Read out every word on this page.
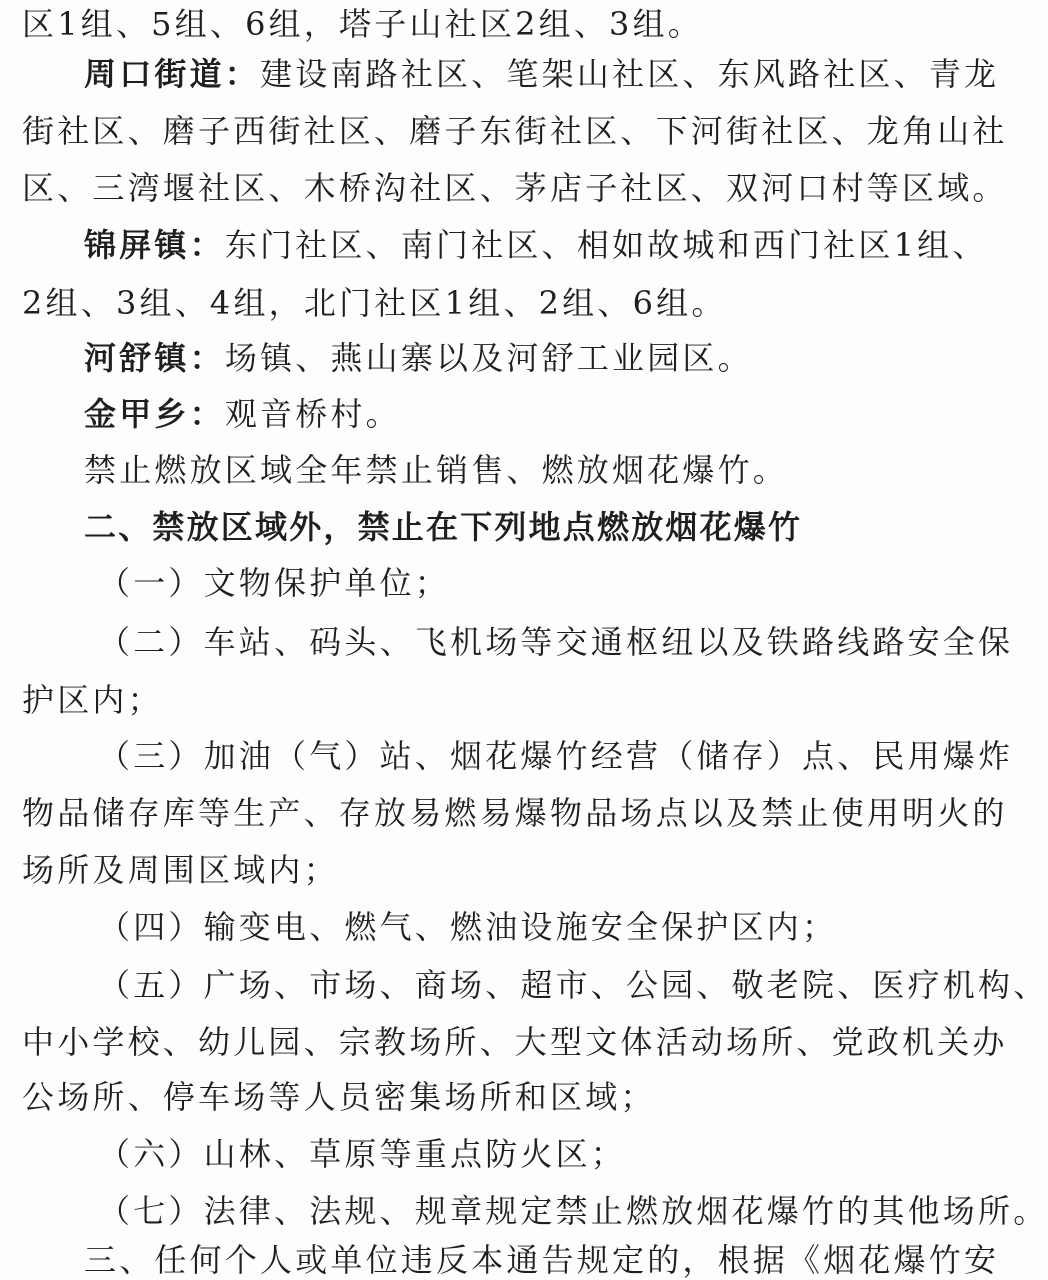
区1组、5组、6组，塔子山社区2组、3组。
周口街道：建设南路社区、笔架山社区、东风路社区、青龙
街社区、磨子西街社区、磨子东街社区、下河街社区、龙角山社
区、三湾堰社区、木桥沟社区、茅店子社区、双河口村等区域。
锦屏镇：东门社区、南门社区、相如故城和西门社区1组、
2组、3组、4组，北门社区1组、2组、6组。
河舒镇：场镇、燕山寨以及河舒工业园区。
金甲乡：观音桥村。
禁止燃放区域全年禁止销售、燃放烟花爆竹。
二、禁放区域外，禁止在下列地点燃放烟花爆竹
（一）文物保护单位；
（二）车站、码头、飞机场等交通枢纽以及铁路线路安全保
护区内；
（三）加油（气）站、烟花爆竹经营（储存）点、民用爆炸
物品储存库等生产、存放易燃易爆物品场点以及禁止使用明火的
场所及周围区域内；
（四）输变电、燃气、燃油设施安全保护区内；
（五）广场、市场、商场、超市、公园、敬老院、医疗机构、
中小学校、幼儿园、宗教场所、大型文体活动场所、党政机关办
公场所、停车场等人员密集场所和区域；
（六）山林、草原等重点防火区；
（七）法律、法规、规章规定禁止燃放烟花爆竹的其他场所。
三、任何个人或单位违反本通告规定的，根据《烟花爆竹安
